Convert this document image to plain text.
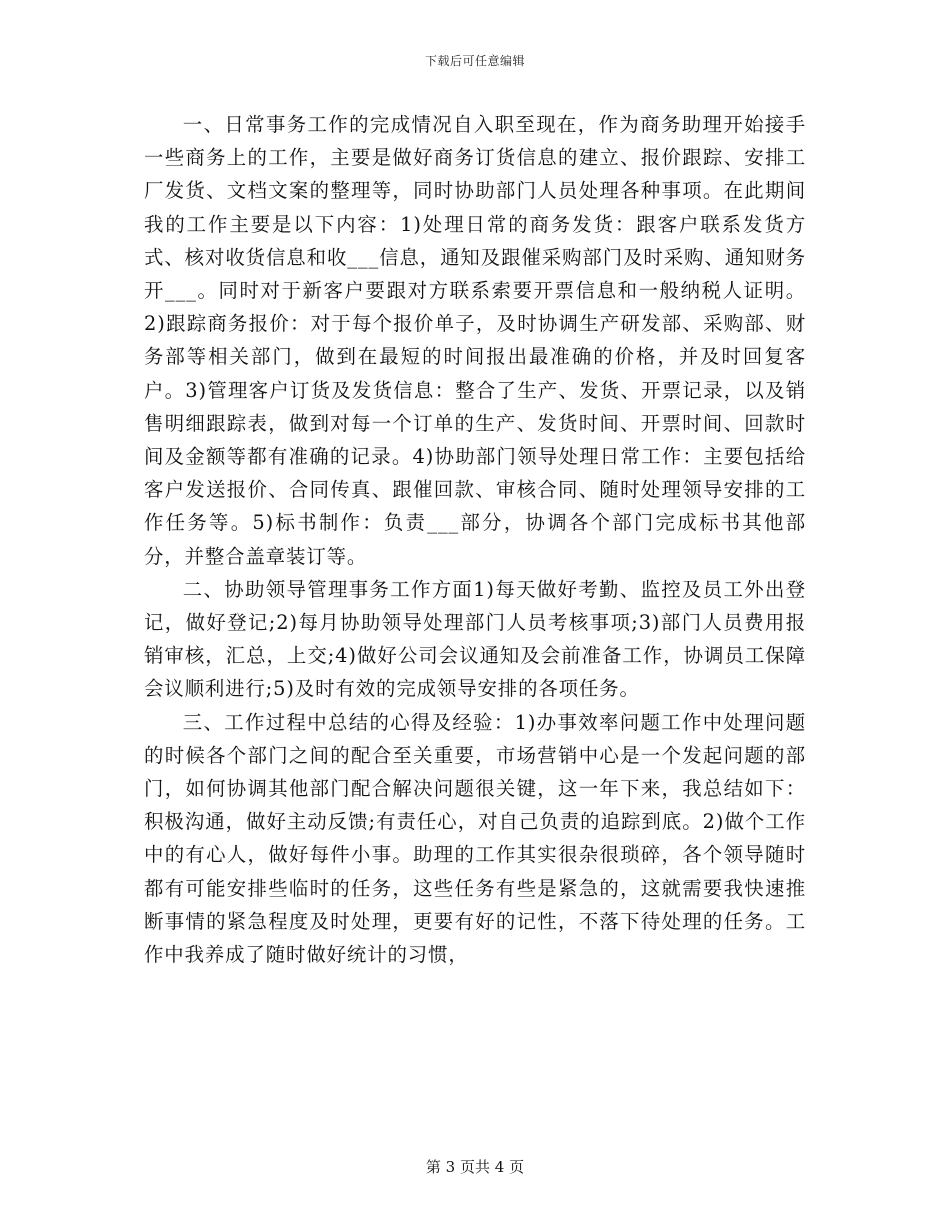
下载后可任意编辑

一、日常事务工作的完成情况自入职至现在，作为商务助理开始接手一些商务上的工作，主要是做好商务订货信息的建立、报价跟踪、安排工厂发货、文档文案的整理等，同时协助部门人员处理各种事项。在此期间我的工作主要是以下内容：1)处理日常的商务发货：跟客户联系发货方式、核对收货信息和收___信息，通知及跟催采购部门及时采购、通知财务开___。同时对于新客户要跟对方联系索要开票信息和一般纳税人证明。2)跟踪商务报价：对于每个报价单子，及时协调生产研发部、采购部、财务部等相关部门，做到在最短的时间报出最准确的价格，并及时回复客户。3)管理客户订货及发货信息：整合了生产、发货、开票记录，以及销售明细跟踪表，做到对每一个订单的生产、发货时间、开票时间、回款时间及金额等都有准确的记录。4)协助部门领导处理日常工作：主要包括给客户发送报价、合同传真、跟催回款、审核合同、随时处理领导安排的工作任务等。5)标书制作：负责___部分，协调各个部门完成标书其他部分，并整合盖章装订等。

二、协助领导管理事务工作方面1)每天做好考勤、监控及员工外出登记，做好登记;2)每月协助领导处理部门人员考核事项;3)部门人员费用报销审核，汇总，上交;4)做好公司会议通知及会前准备工作，协调员工保障会议顺利进行;5)及时有效的完成领导安排的各项任务。

三、工作过程中总结的心得及经验：1)办事效率问题工作中处理问题的时候各个部门之间的配合至关重要，市场营销中心是一个发起问题的部门，如何协调其他部门配合解决问题很关键，这一年下来，我总结如下：积极沟通，做好主动反馈;有责任心，对自己负责的追踪到底。2)做个工作中的有心人，做好每件小事。助理的工作其实很杂很琐碎，各个领导随时都有可能安排些临时的任务，这些任务有些是紧急的，这就需要我快速推断事情的紧急程度及时处理，更要有好的记性，不落下待处理的任务。工作中我养成了随时做好统计的习惯，

第 3 页共 4 页
